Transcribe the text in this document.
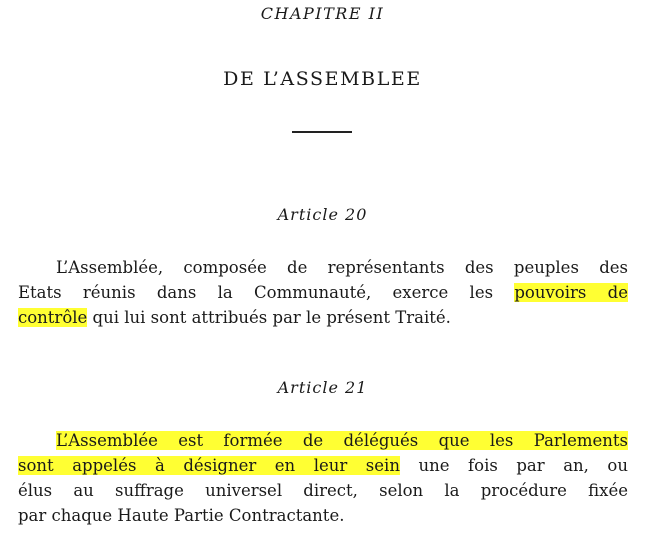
CHAPITRE II
DE L’ASSEMBLEE
Article 20
L’Assemblée, composée de représentants des peuples des
Etats réunis dans la Communauté, exerce les pouvoirs de
contrôle qui lui sont attribués par le présent Traité.
Article 21
L’Assemblée est formée de délégués que les Parlements
sont appelés à désigner en leur sein une fois par an, ou
élus au suffrage universel direct, selon la procédure fixée
par chaque Haute Partie Contractante.
